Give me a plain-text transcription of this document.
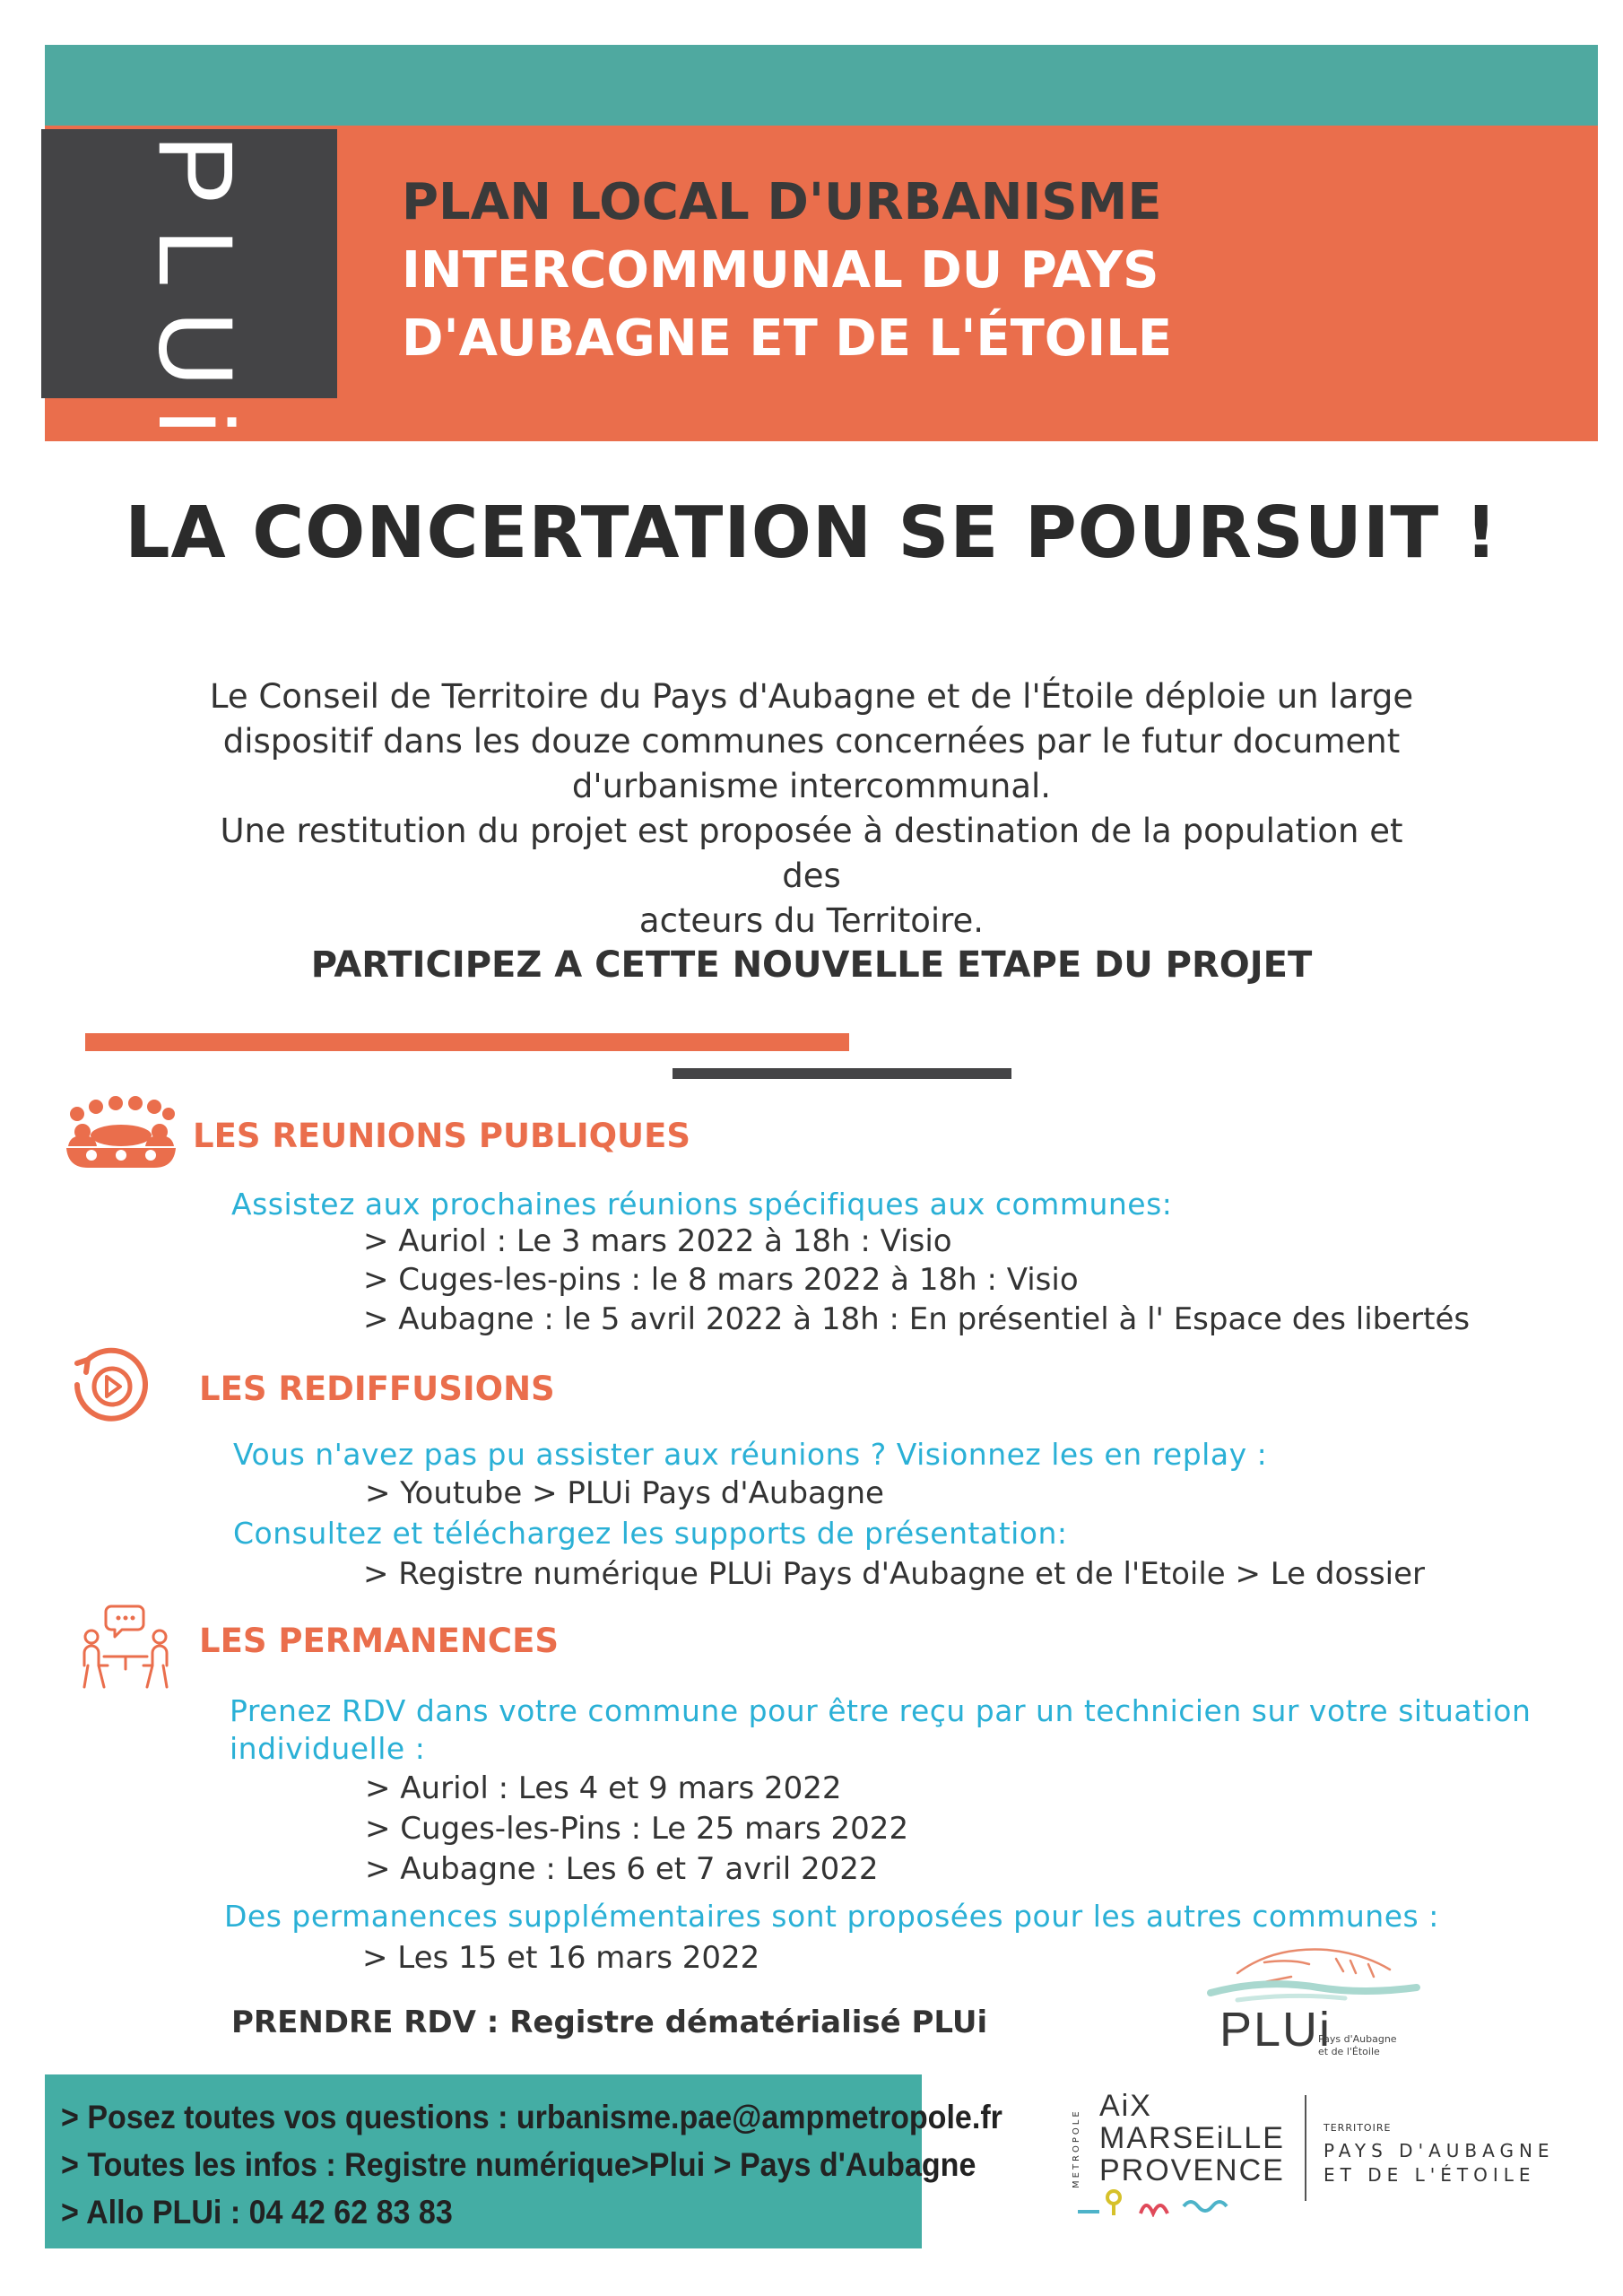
PLUi	PLAN LOCAL D'URBANISME
INTERCOMMUNAL DU PAYS
D'AUBAGNE ET DE L'ÉTOILE
LA CONCERTATION SE POURSUIT !
Le Conseil de Territoire du Pays d'Aubagne et de l'Étoile déploie un large
dispositif dans les douze communes concernées par le futur document
d'urbanisme intercommunal.
Une restitution du projet est proposée à destination de la population et des
acteurs du Territoire.
PARTICIPEZ A CETTE NOUVELLE ETAPE DU PROJET
LES REUNIONS PUBLIQUES
Assistez aux prochaines réunions spécifiques aux communes:
> Auriol : Le 3 mars 2022 à 18h : Visio
> Cuges-les-pins : le 8 mars 2022 à 18h : Visio
> Aubagne : le 5 avril 2022 à 18h : En présentiel à l' Espace des libertés
LES REDIFFUSIONS
Vous n'avez pas pu assister aux réunions ? Visionnez les en replay :
> Youtube > PLUi Pays d'Aubagne
Consultez et téléchargez les supports de présentation:
> Registre numérique PLUi Pays d'Aubagne et de l'Etoile > Le dossier
LES PERMANENCES
Prenez RDV dans votre commune pour être reçu par un technicien sur votre situation
individuelle :
> Auriol : Les 4 et 9 mars 2022
> Cuges-les-Pins : Le 25 mars 2022
> Aubagne : Les 6 et 7 avril 2022
Des permanences supplémentaires sont proposées pour les autres communes :
> Les 15 et 16 mars 2022
PRENDRE RDV : Registre dématérialisé PLUi
> Posez toutes vos questions : urbanisme.pae@ampmetropole.fr
> Toutes les infos : Registre numérique>Plui > Pays d'Aubagne
> Allo PLUi : 04 42 62 83 83
PLUi
Pays d'Aubagne
et de l'Étoile
METROPOLE
AiX
MARSEiLLE
PROVENCE
TERRITOIRE
PAYS D'AUBAGNE
ET DE L'ÉTOILE
